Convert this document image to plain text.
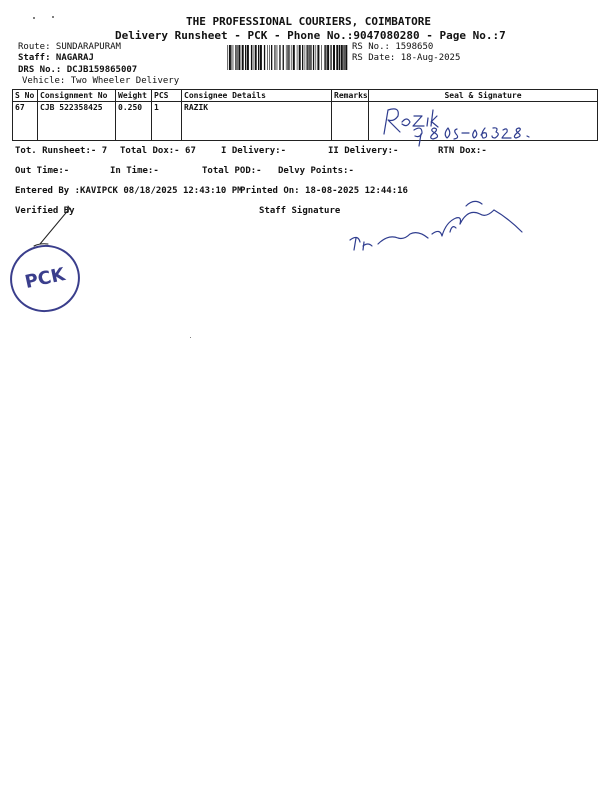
THE PROFESSIONAL COURIERS, COIMBATORE
Delivery Runsheet - PCK - Phone No.:9047080280 - Page No.:7
Route: SUNDARAPURAM
Staff: NAGARAJ
DRS No.: DCJB159865007
Vehicle: Two Wheeler Delivery
RS No.: 1598650
RS Date: 18-Aug-2025
S No	Consignment No	Weight	PCS	Consignee Details	Remarks	Seal & Signature
67	CJB 522358425	0.250	1	RAZIK		
Tot. Runsheet:- 7 Total Dox:- 67	I Delivery:-	II Delivery:-	RTN Dox:-
Out Time:-	In Time:-	Total POD:- Delvy Points:-
Entered By :KAVIPCK 08/18/2025 12:43:10 PM
Printed On: 18-08-2025 12:44:16
Verified By	Staff Signature
PCK
